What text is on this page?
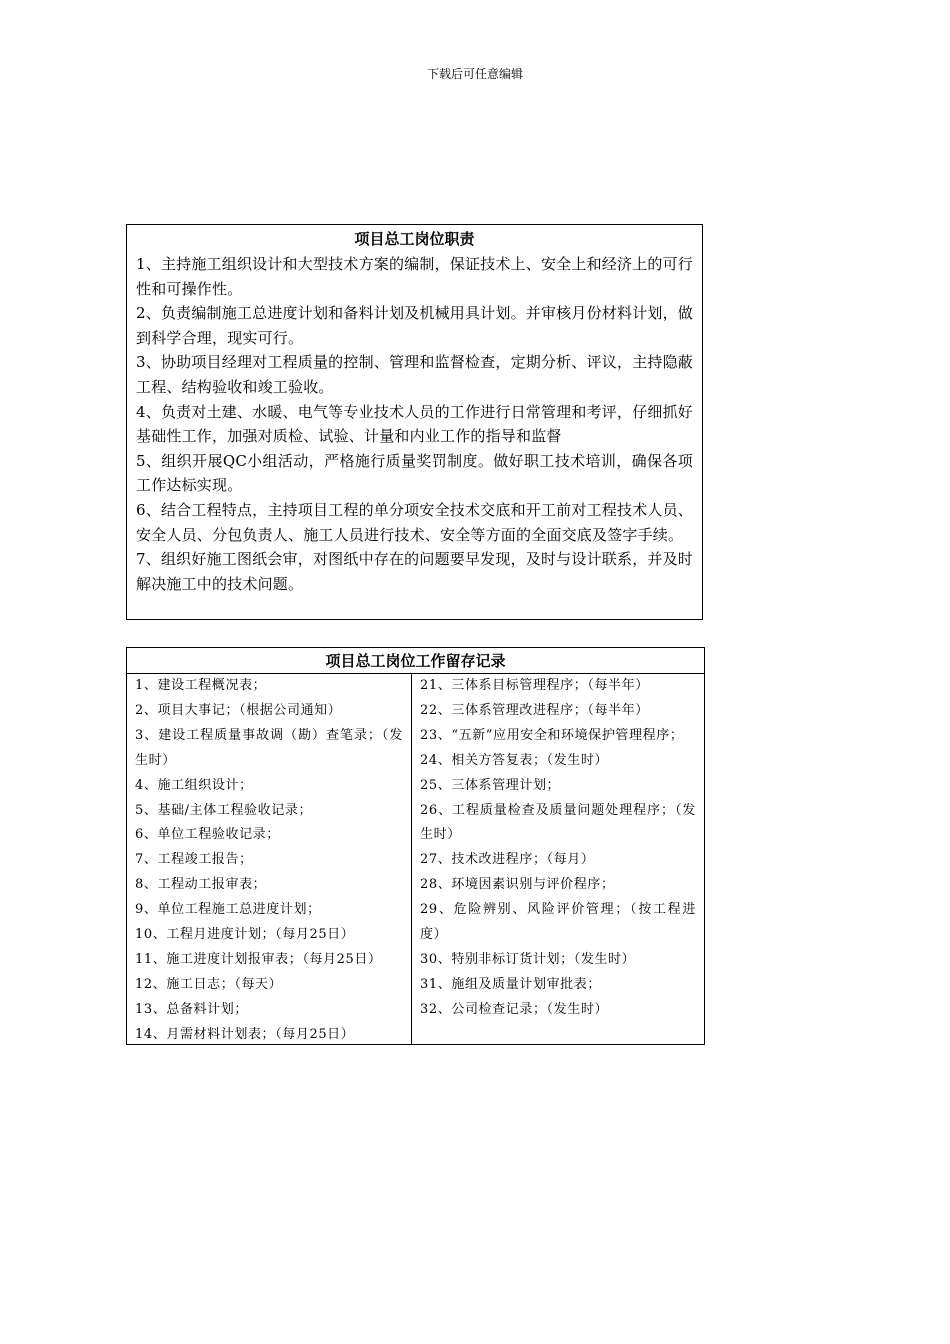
下载后可任意编辑
项目总工岗位职责
1、主持施工组织设计和大型技术方案的编制，保证技术上、安全上和经济上的可行性和可操作性。
2、负责编制施工总进度计划和备料计划及机械用具计划。并审核月份材料计划，做到科学合理，现实可行。
3、协助项目经理对工程质量的控制、管理和监督检查，定期分析、评议，主持隐蔽工程、结构验收和竣工验收。
4、负责对土建、水暖、电气等专业技术人员的工作进行日常管理和考评，仔细抓好基础性工作，加强对质检、试验、计量和内业工作的指导和监督
5、组织开展QC小组活动，严格施行质量奖罚制度。做好职工技术培训，确保各项工作达标实现。
6、结合工程特点，主持项目工程的单分项安全技术交底和开工前对工程技术人员、安全人员、分包负责人、施工人员进行技术、安全等方面的全面交底及签字手续。
7、组织好施工图纸会审，对图纸中存在的问题要早发现，及时与设计联系，并及时解决施工中的技术问题。
项目总工岗位工作留存记录
1、建设工程概况表；
2、项目大事记；（根据公司通知）
3、建设工程质量事故调（勘）查笔录；（发生时）
4、施工组织设计；
5、基础/主体工程验收记录；
6、单位工程验收记录；
7、工程竣工报告；
8、工程动工报审表；
9、单位工程施工总进度计划；
10、工程月进度计划；（每月25日）
11、施工进度计划报审表；（每月25日）
12、施工日志；（每天）
13、总备料计划；
14、月需材料计划表；（每月25日）
21、三体系目标管理程序；（每半年）
22、三体系管理改进程序；（每半年）
23、“五新”应用安全和环境保护管理程序；
24、相关方答复表；（发生时）
25、三体系管理计划；
26、工程质量检查及质量问题处理程序；（发生时）
27、技术改进程序；（每月）
28、环境因素识别与评价程序；
29、危险辨别、风险评价管理；（按工程进度）
30、特别非标订货计划；（发生时）
31、施组及质量计划审批表；
32、公司检查记录；（发生时）
